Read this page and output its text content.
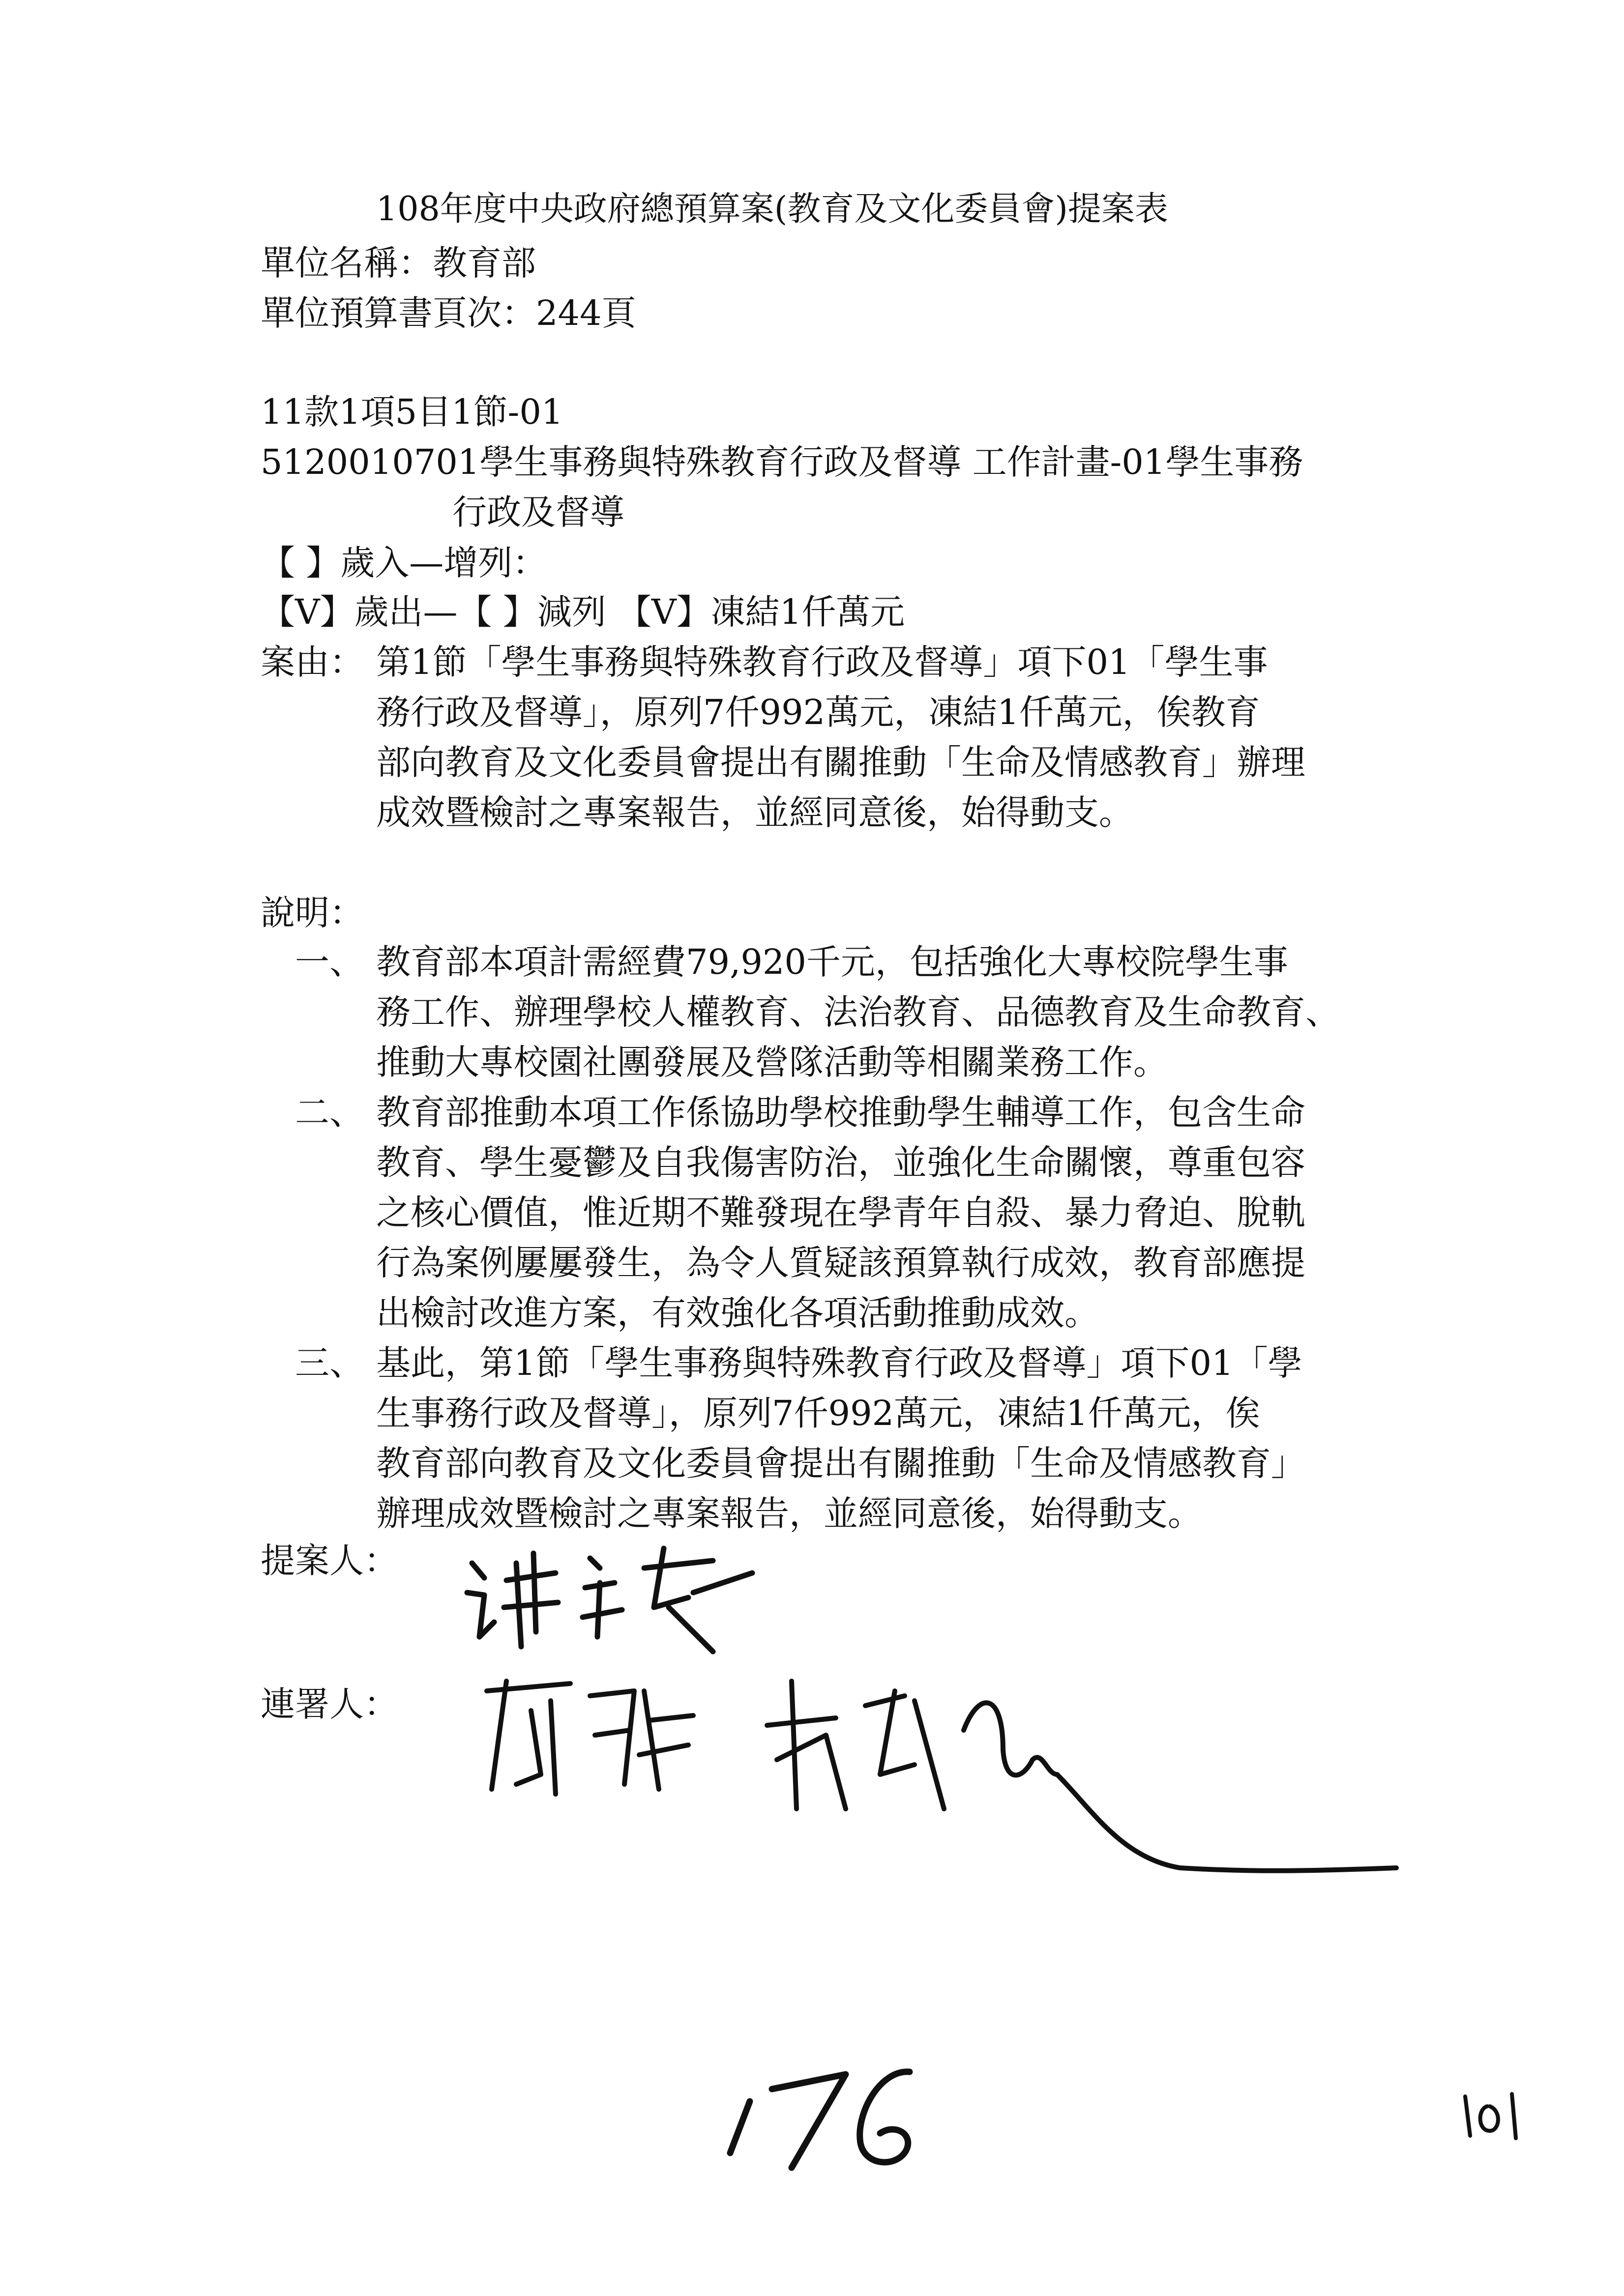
108年度中央政府總預算案(教育及文化委員會)提案表
單位名稱：教育部
單位預算書頁次：244頁
11款1項5目1節-01
5120010701學生事務與特殊教育行政及督導 工作計畫-01學生事務
行政及督導
【 】歲入—增列：
【V】歲出—【 】減列 【V】凍結1仟萬元
案由： 第1節「學生事務與特殊教育行政及督導」項下01「學生事
務行政及督導」，原列7仟992萬元，凍結1仟萬元，俟教育
部向教育及文化委員會提出有關推動「生命及情感教育」辦理
成效暨檢討之專案報告，並經同意後，始得動支。
說明：
一、 教育部本項計需經費79,920千元，包括強化大專校院學生事
務工作、辦理學校人權教育、法治教育、品德教育及生命教育、
推動大專校園社團發展及營隊活動等相關業務工作。
二、 教育部推動本項工作係協助學校推動學生輔導工作，包含生命
教育、學生憂鬱及自我傷害防治，並強化生命關懷，尊重包容
之核心價值，惟近期不難發現在學青年自殺、暴力脅迫、脫軌
行為案例屢屢發生，為令人質疑該預算執行成效，教育部應提
出檢討改進方案，有效強化各項活動推動成效。
三、 基此，第1節「學生事務與特殊教育行政及督導」項下01「學
生事務行政及督導」，原列7仟992萬元，凍結1仟萬元，俟
教育部向教育及文化委員會提出有關推動「生命及情感教育」
辦理成效暨檢討之專案報告，並經同意後，始得動支。
提案人：
連署人：
